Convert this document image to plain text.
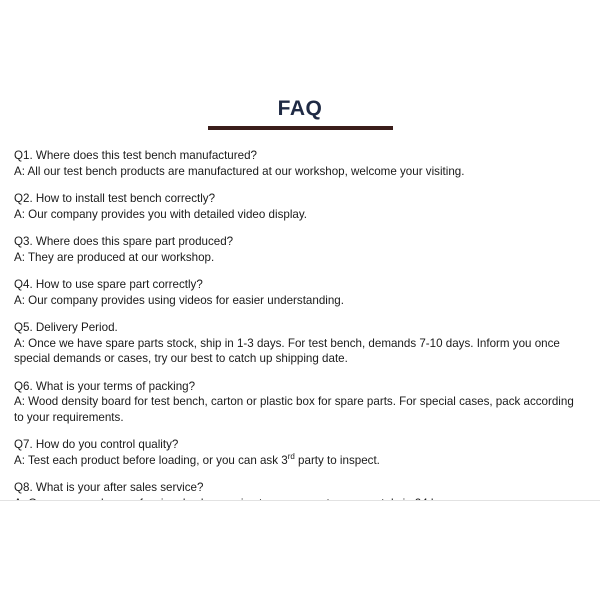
FAQ

Q1. Where does this test bench manufactured?

A: All our test bench products are manufactured at our workshop, welcome your visiting.

Q2. How to install test bench correctly?

A: Our company provides you with detailed video display.

Q3. Where does this spare part produced?

A: They are produced at our workshop.

Q4. How to use spare part correctly?

A: Our company provides using videos for easier understanding.

Q5. Delivery Period.

A: Once we have spare parts stock, ship in 1-3 days. For test bench, demands 7-10 days. Inform you once special demands or cases, try our best to catch up shipping date.

Q6. What is your terms of packing?

A: Wood density board for test bench, carton or plastic box for spare parts. For special cases, pack according to your requirements.

Q7. How do you control quality?

A: Test each product before loading, or you can ask 3rd party to inspect.

Q8. What is your after sales service?
